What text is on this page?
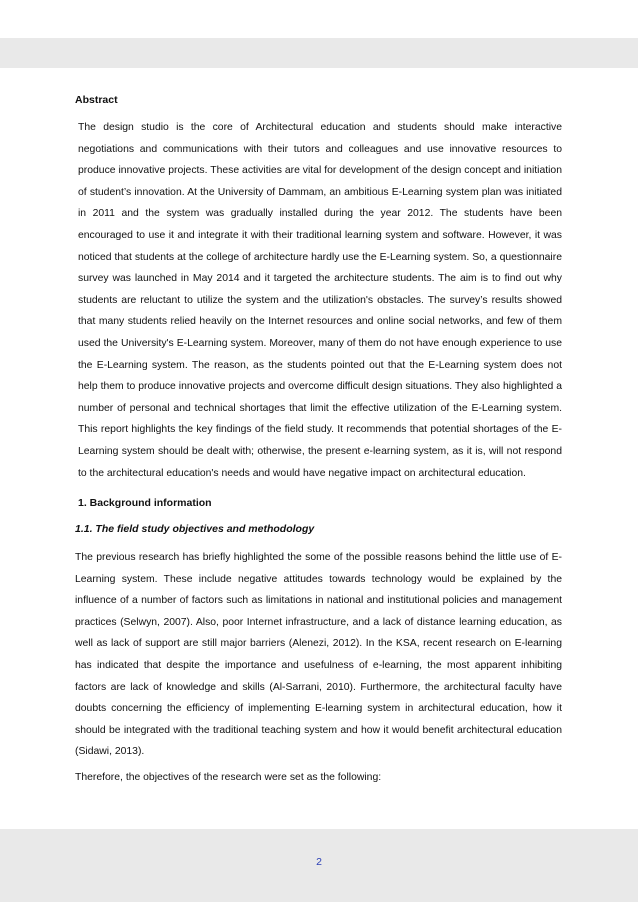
Abstract

The design studio is the core of Architectural education and students should make interactive negotiations and communications with their tutors and colleagues and use innovative resources to produce innovative projects. These activities are vital for development of the design concept and initiation of student’s innovation. At the University of Dammam, an ambitious E-Learning system plan was initiated in 2011 and the system was gradually installed during the year 2012. The students have been encouraged to use it and integrate it with their traditional learning system and software. However, it was noticed that students at the college of architecture hardly use the E-Learning system. So, a questionnaire survey was launched in May 2014 and it targeted the architecture students. The aim is to find out why students are reluctant to utilize the system and the utilization's obstacles. The survey’s results showed that many students relied heavily on the Internet resources and online social networks, and few of them used the University's E-Learning system. Moreover, many of them do not have enough experience to use the E-Learning system. The reason, as the students pointed out that the E-Learning system does not help them to produce innovative projects and overcome difficult design situations. They also highlighted a number of personal and technical shortages that limit the effective utilization of the E-Learning system. This report highlights the key findings of the field study. It recommends that potential shortages of the E-Learning system should be dealt with; otherwise, the present e-learning system, as it is, will not respond to the architectural education's needs and would have negative impact on architectural education.

1. Background information

1.1. The field study objectives and methodology

The previous research has briefly highlighted the some of the possible reasons behind the little use of E-Learning system. These include negative attitudes towards technology would be explained by the influence of a number of factors such as limitations in national and institutional policies and management practices (Selwyn, 2007). Also, poor Internet infrastructure, and a lack of distance learning education, as well as lack of support are still major barriers (Alenezi, 2012). In the KSA, recent research on E-learning has indicated that despite the importance and usefulness of e-learning, the most apparent inhibiting factors are lack of knowledge and skills (Al-Sarrani, 2010). Furthermore, the architectural faculty have doubts concerning the efficiency of implementing E-learning system in architectural education, how it should be integrated with the traditional teaching system and how it would benefit architectural education (Sidawi, 2013).

Therefore, the objectives of the research were set as the following:

2
